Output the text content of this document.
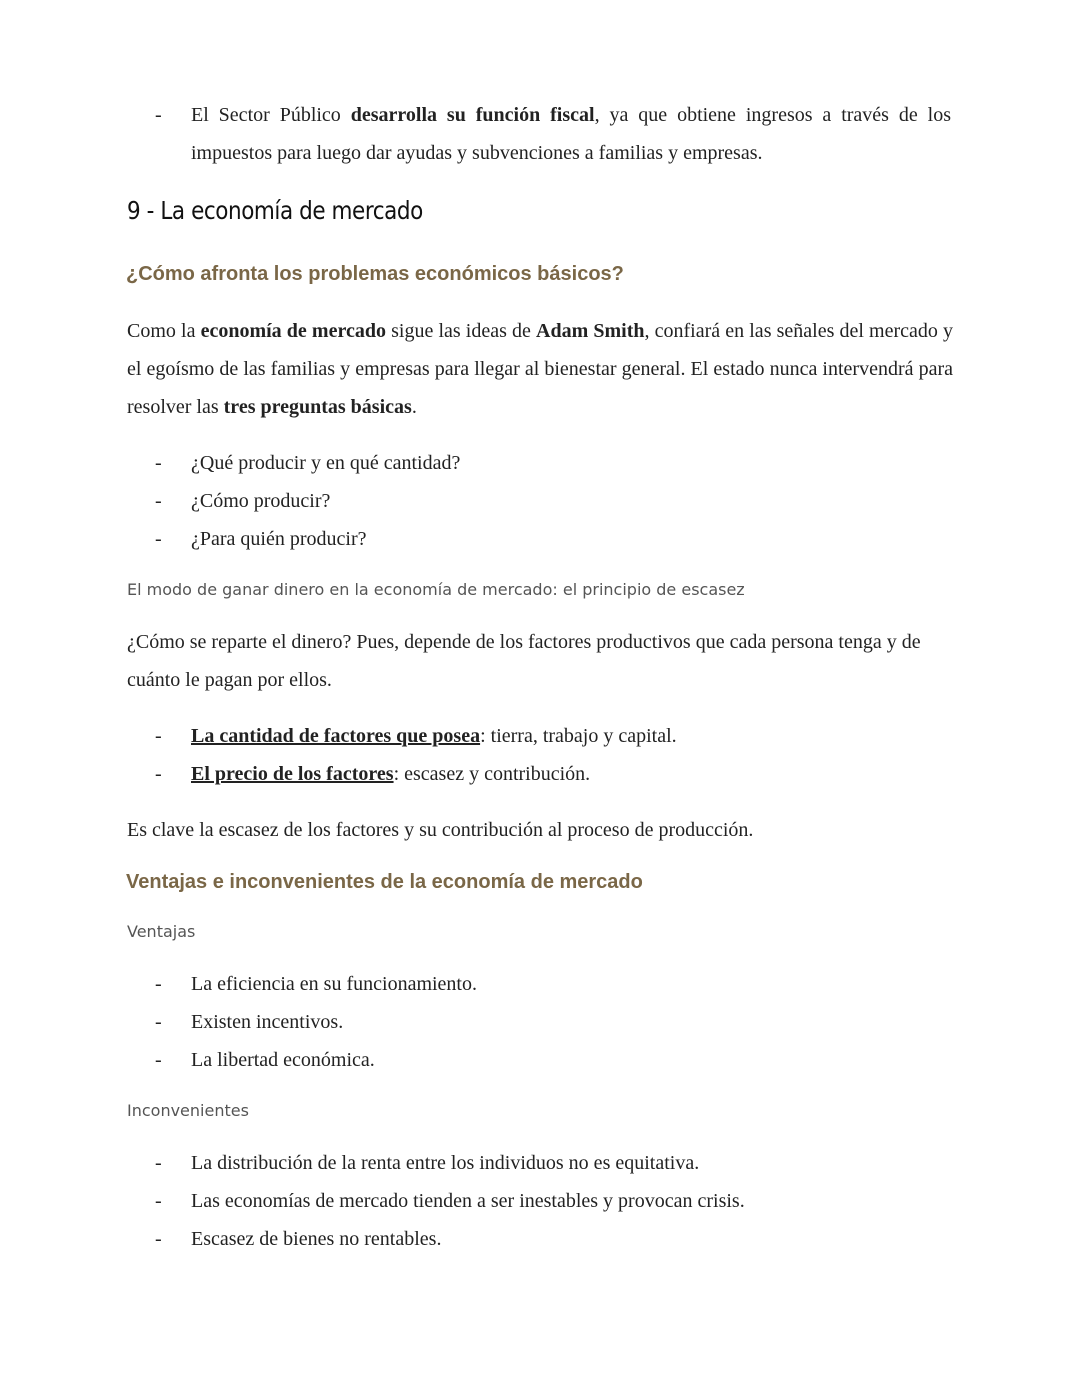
- El Sector Público desarrolla su función fiscal, ya que obtiene ingresos a través de los impuestos para luego dar ayudas y subvenciones a familias y empresas.
9 - La economía de mercado
¿Cómo afronta los problemas económicos básicos?
Como la economía de mercado sigue las ideas de Adam Smith, confiará en las señales del mercado y el egoísmo de las familias y empresas para llegar al bienestar general. El estado nunca intervendrá para resolver las tres preguntas básicas.
- ¿Qué producir y en qué cantidad?
- ¿Cómo producir?
- ¿Para quién producir?
El modo de ganar dinero en la economía de mercado: el principio de escasez
¿Cómo se reparte el dinero? Pues, depende de los factores productivos que cada persona tenga y de cuánto le pagan por ellos.
- La cantidad de factores que posea: tierra, trabajo y capital.
- El precio de los factores: escasez y contribución.
Es clave la escasez de los factores y su contribución al proceso de producción.
Ventajas e inconvenientes de la economía de mercado
Ventajas
- La eficiencia en su funcionamiento.
- Existen incentivos.
- La libertad económica.
Inconvenientes
- La distribución de la renta entre los individuos no es equitativa.
- Las economías de mercado tienden a ser inestables y provocan crisis.
- Escasez de bienes no rentables.
